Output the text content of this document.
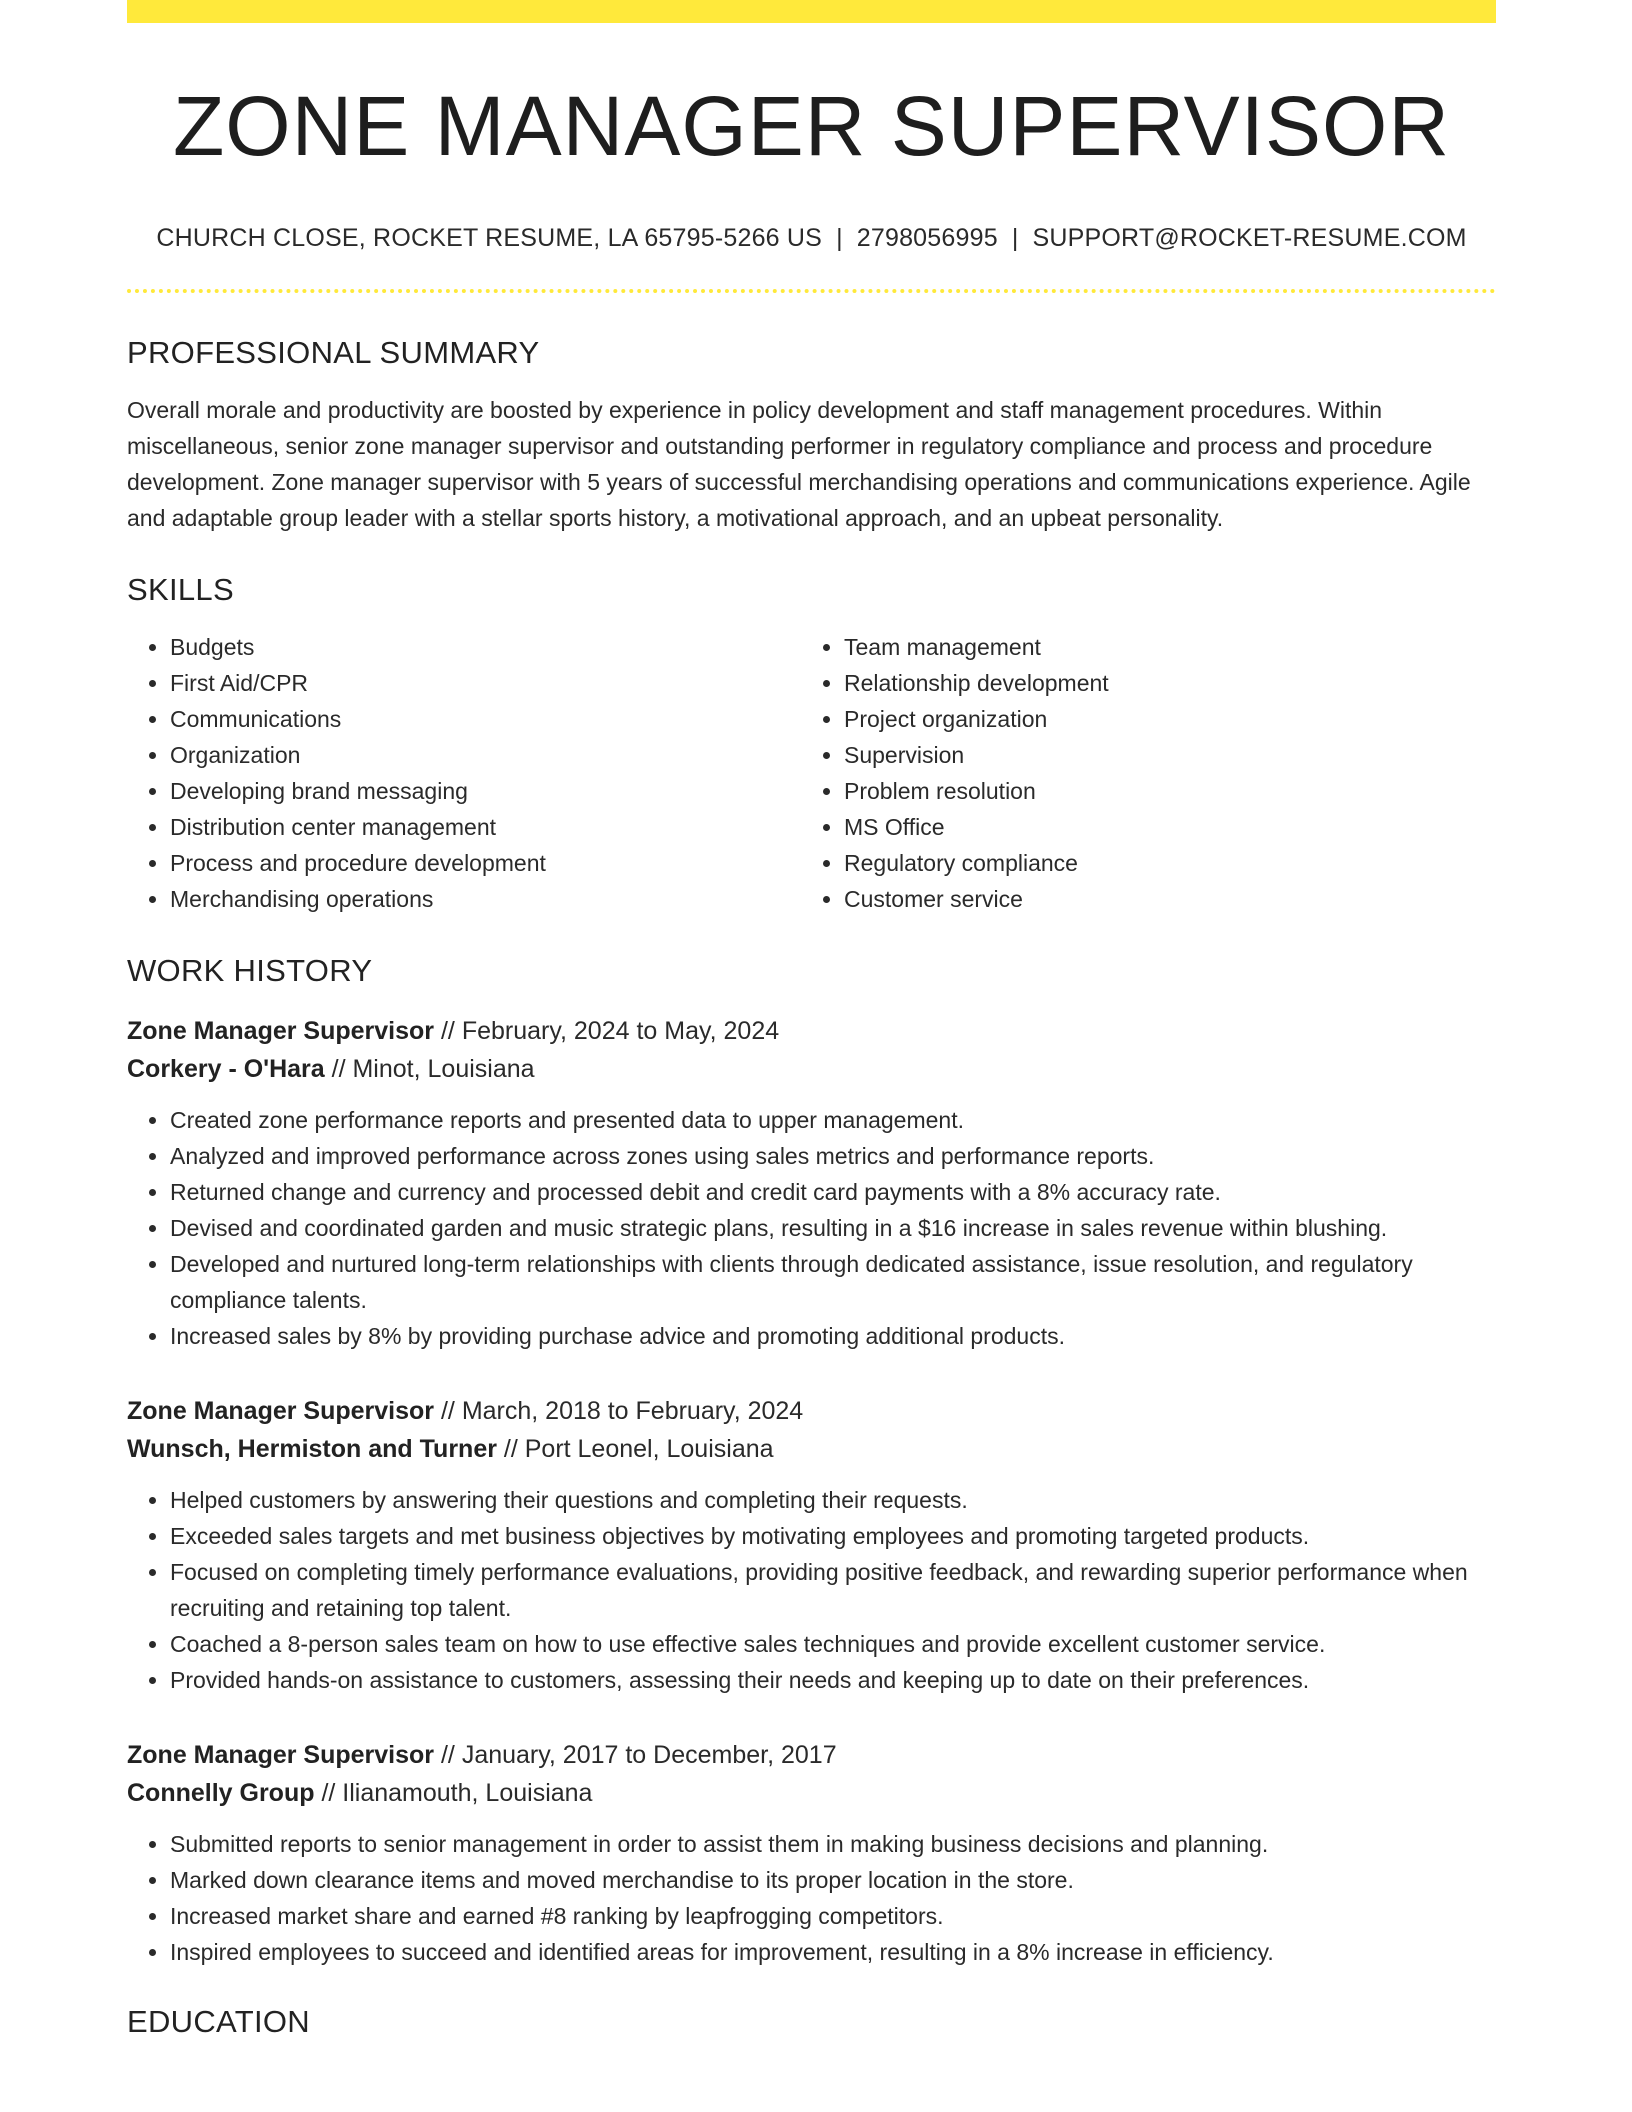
ZONE MANAGER SUPERVISOR
CHURCH CLOSE, ROCKET RESUME, LA 65795-5266 US | 2798056995 | SUPPORT@ROCKET-RESUME.COM
PROFESSIONAL SUMMARY
Overall morale and productivity are boosted by experience in policy development and staff management procedures. Within miscellaneous, senior zone manager supervisor and outstanding performer in regulatory compliance and process and procedure development. Zone manager supervisor with 5 years of successful merchandising operations and communications experience. Agile and adaptable group leader with a stellar sports history, a motivational approach, and an upbeat personality.
SKILLS
• Budgets
• First Aid/CPR
• Communications
• Organization
• Developing brand messaging
• Distribution center management
• Process and procedure development
• Merchandising operations
• Team management
• Relationship development
• Project organization
• Supervision
• Problem resolution
• MS Office
• Regulatory compliance
• Customer service
WORK HISTORY
Zone Manager Supervisor // February, 2024 to May, 2024
Corkery - O'Hara // Minot, Louisiana
• Created zone performance reports and presented data to upper management.
• Analyzed and improved performance across zones using sales metrics and performance reports.
• Returned change and currency and processed debit and credit card payments with a 8% accuracy rate.
• Devised and coordinated garden and music strategic plans, resulting in a $16 increase in sales revenue within blushing.
• Developed and nurtured long-term relationships with clients through dedicated assistance, issue resolution, and regulatory compliance talents.
• Increased sales by 8% by providing purchase advice and promoting additional products.
Zone Manager Supervisor // March, 2018 to February, 2024
Wunsch, Hermiston and Turner // Port Leonel, Louisiana
• Helped customers by answering their questions and completing their requests.
• Exceeded sales targets and met business objectives by motivating employees and promoting targeted products.
• Focused on completing timely performance evaluations, providing positive feedback, and rewarding superior performance when recruiting and retaining top talent.
• Coached a 8-person sales team on how to use effective sales techniques and provide excellent customer service.
• Provided hands-on assistance to customers, assessing their needs and keeping up to date on their preferences.
Zone Manager Supervisor // January, 2017 to December, 2017
Connelly Group // Ilianamouth, Louisiana
• Submitted reports to senior management in order to assist them in making business decisions and planning.
• Marked down clearance items and moved merchandise to its proper location in the store.
• Increased market share and earned #8 ranking by leapfrogging competitors.
• Inspired employees to succeed and identified areas for improvement, resulting in a 8% increase in efficiency.
EDUCATION
